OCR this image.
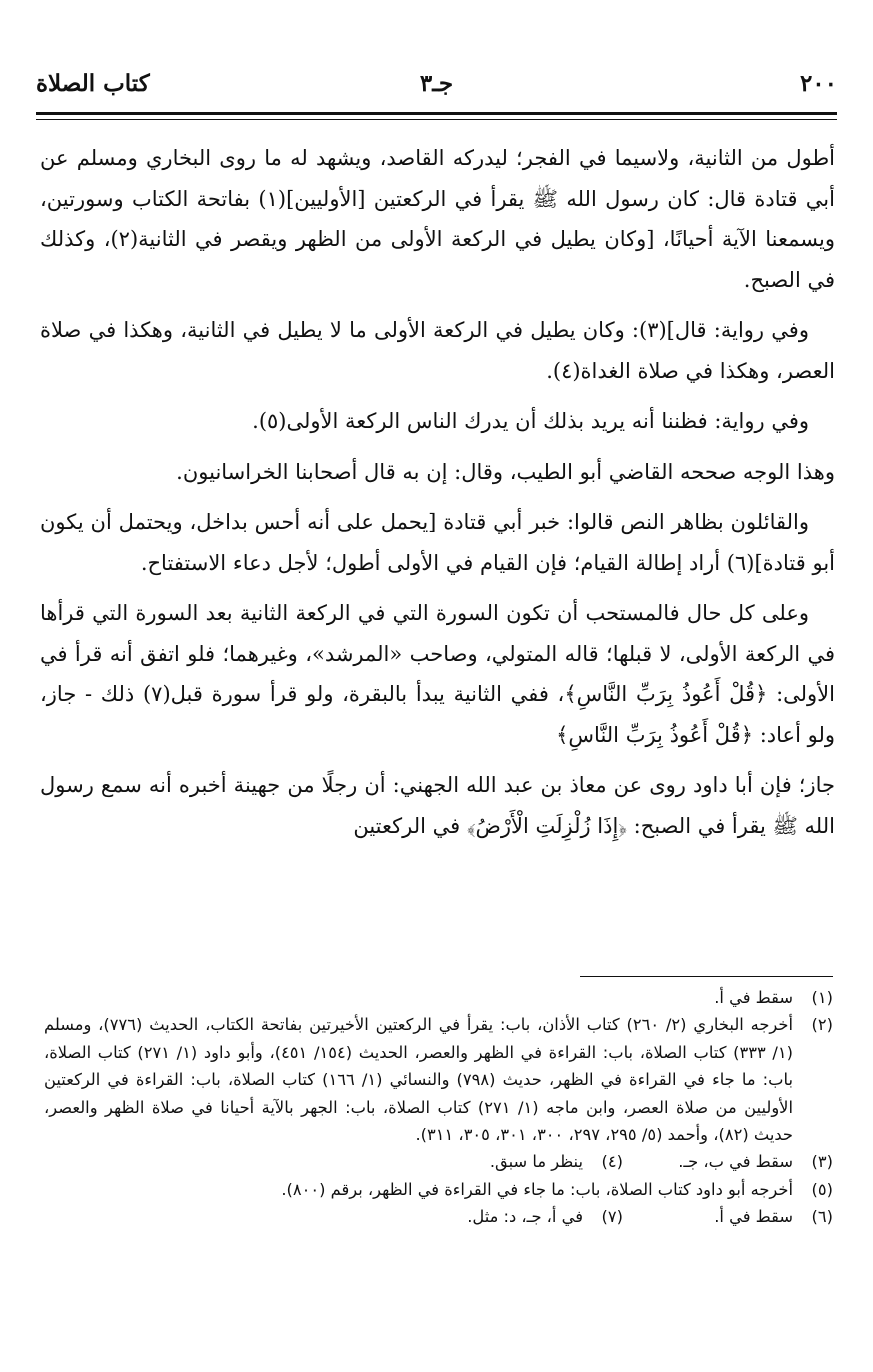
٢٠٠
جـ٣
كتاب الصلاة

أطول من الثانية، ولاسيما في الفجر؛ ليدركه القاصد، ويشهد له ما روى البخاري ومسلم عن أبي قتادة قال: كان رسول الله ﷺ يقرأ في الركعتين [الأوليين](١) بفاتحة الكتاب وسورتين، ويسمعنا الآية أحيانًا، [وكان يطيل في الركعة الأولى من الظهر ويقصر في الثانية(٢)، وكذلك في الصبح.

وفي رواية: قال](٣): وكان يطيل في الركعة الأولى ما لا يطيل في الثانية، وهكذا في صلاة العصر، وهكذا في صلاة الغداة(٤).

وفي رواية: فظننا أنه يريد بذلك أن يدرك الناس الركعة الأولى(٥).

وهذا الوجه صححه القاضي أبو الطيب، وقال: إن به قال أصحابنا الخراسانيون.

والقائلون بظاهر النص قالوا: خبر أبي قتادة [يحمل على أنه أحس بداخل، ويحتمل أن يكون أبو قتادة](٦) أراد إطالة القيام؛ فإن القيام في الأولى أطول؛ لأجل دعاء الاستفتاح.

وعلى كل حال فالمستحب أن تكون السورة التي في الركعة الثانية بعد السورة التي قرأها في الركعة الأولى، لا قبلها؛ قاله المتولي، وصاحب «المرشد»، وغيرهما؛ فلو اتفق أنه قرأ في الأولى: ﴿قُلْ أَعُوذُ بِرَبِّ النَّاسِ﴾، ففي الثانية يبدأ بالبقرة، ولو قرأ سورة قبل(٧) ذلك - جاز، ولو أعاد: ﴿قُلْ أَعُوذُ بِرَبِّ النَّاسِ﴾

جاز؛ فإن أبا داود روى عن معاذ بن عبد الله الجهني: أن رجلًا من جهينة أخبره أنه سمع رسول الله ﷺ يقرأ في الصبح: ﴿إِذَا زُلْزِلَتِ الْأَرْضُ﴾ في الركعتين

(١)
سقط في أ.
(٢)
أخرجه البخاري (٢/ ٢٦٠) كتاب الأذان، باب: يقرأ في الركعتين الأخيرتين بفاتحة الكتاب، الحديث (٧٧٦)، ومسلم (١/ ٣٣٣) كتاب الصلاة، باب: القراءة في الظهر والعصر، الحديث (١٥٤/ ٤٥١)، وأبو داود (١/ ٢٧١) كتاب الصلاة، باب: ما جاء في القراءة في الظهر، حديث (٧٩٨) والنسائي (١/ ١٦٦) كتاب الصلاة، باب: القراءة في الركعتين الأوليين من صلاة العصر، وابن ماجه (١/ ٢٧١) كتاب الصلاة، باب: الجهر بالآية أحيانا في صلاة الظهر والعصر، حديث (٨٢)، وأحمد (٥/ ٢٩٥، ٢٩٧، ٣٠٠، ٣٠١، ٣٠٥، ٣١١).
(٣)
سقط في ب، جـ.
(٤)
ينظر ما سبق.
(٥)
أخرجه أبو داود كتاب الصلاة، باب: ما جاء في القراءة في الظهر، برقم (٨٠٠).
(٦)
سقط في أ.
(٧)
في أ، جـ، د: مثل.
